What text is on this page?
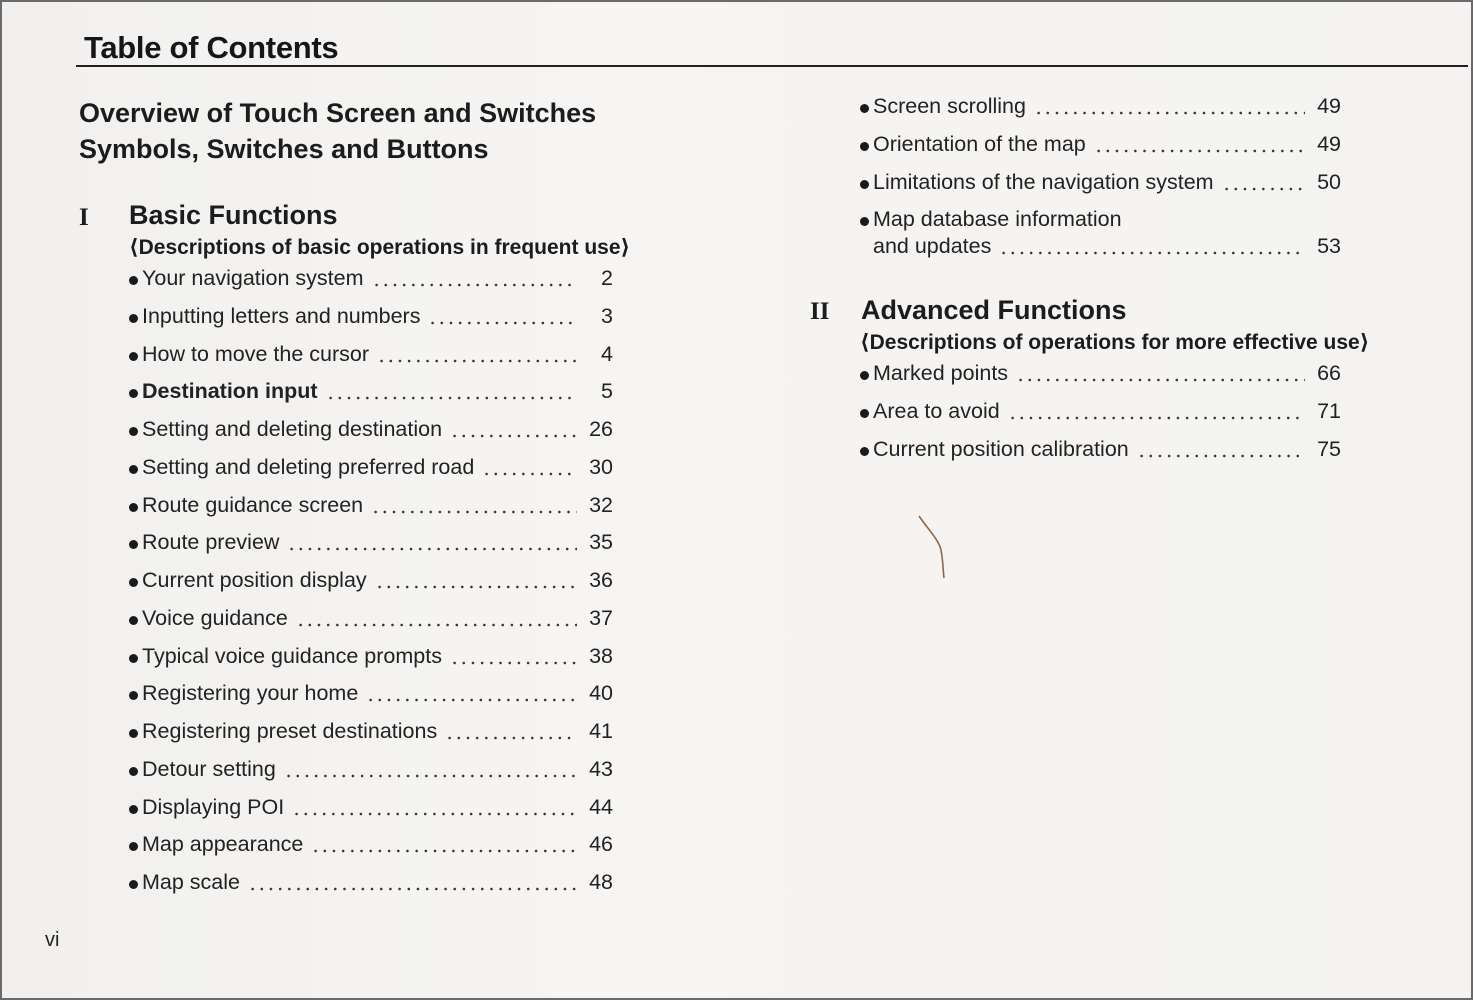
Table of Contents
Overview of Touch Screen and Switches
Symbols, Switches and Buttons
I Basic Functions
⟨Descriptions of basic operations in frequent use⟩
Your navigation system	2
Inputting letters and numbers	3
How to move the cursor	4
Destination input	5
Setting and deleting destination	26
Setting and deleting preferred road	30
Route guidance screen	32
Route preview	35
Current position display	36
Voice guidance	37
Typical voice guidance prompts	38
Registering your home	40
Registering preset destinations	41
Detour setting	43
Displaying POI	44
Map appearance	46
Map scale	48
Screen scrolling	49
Orientation of the map	49
Limitations of the navigation system	50
Map database information
and updates	53
II Advanced Functions
⟨Descriptions of operations for more effective use⟩
Marked points	66
Area to avoid	71
Current position calibration	75
vi
